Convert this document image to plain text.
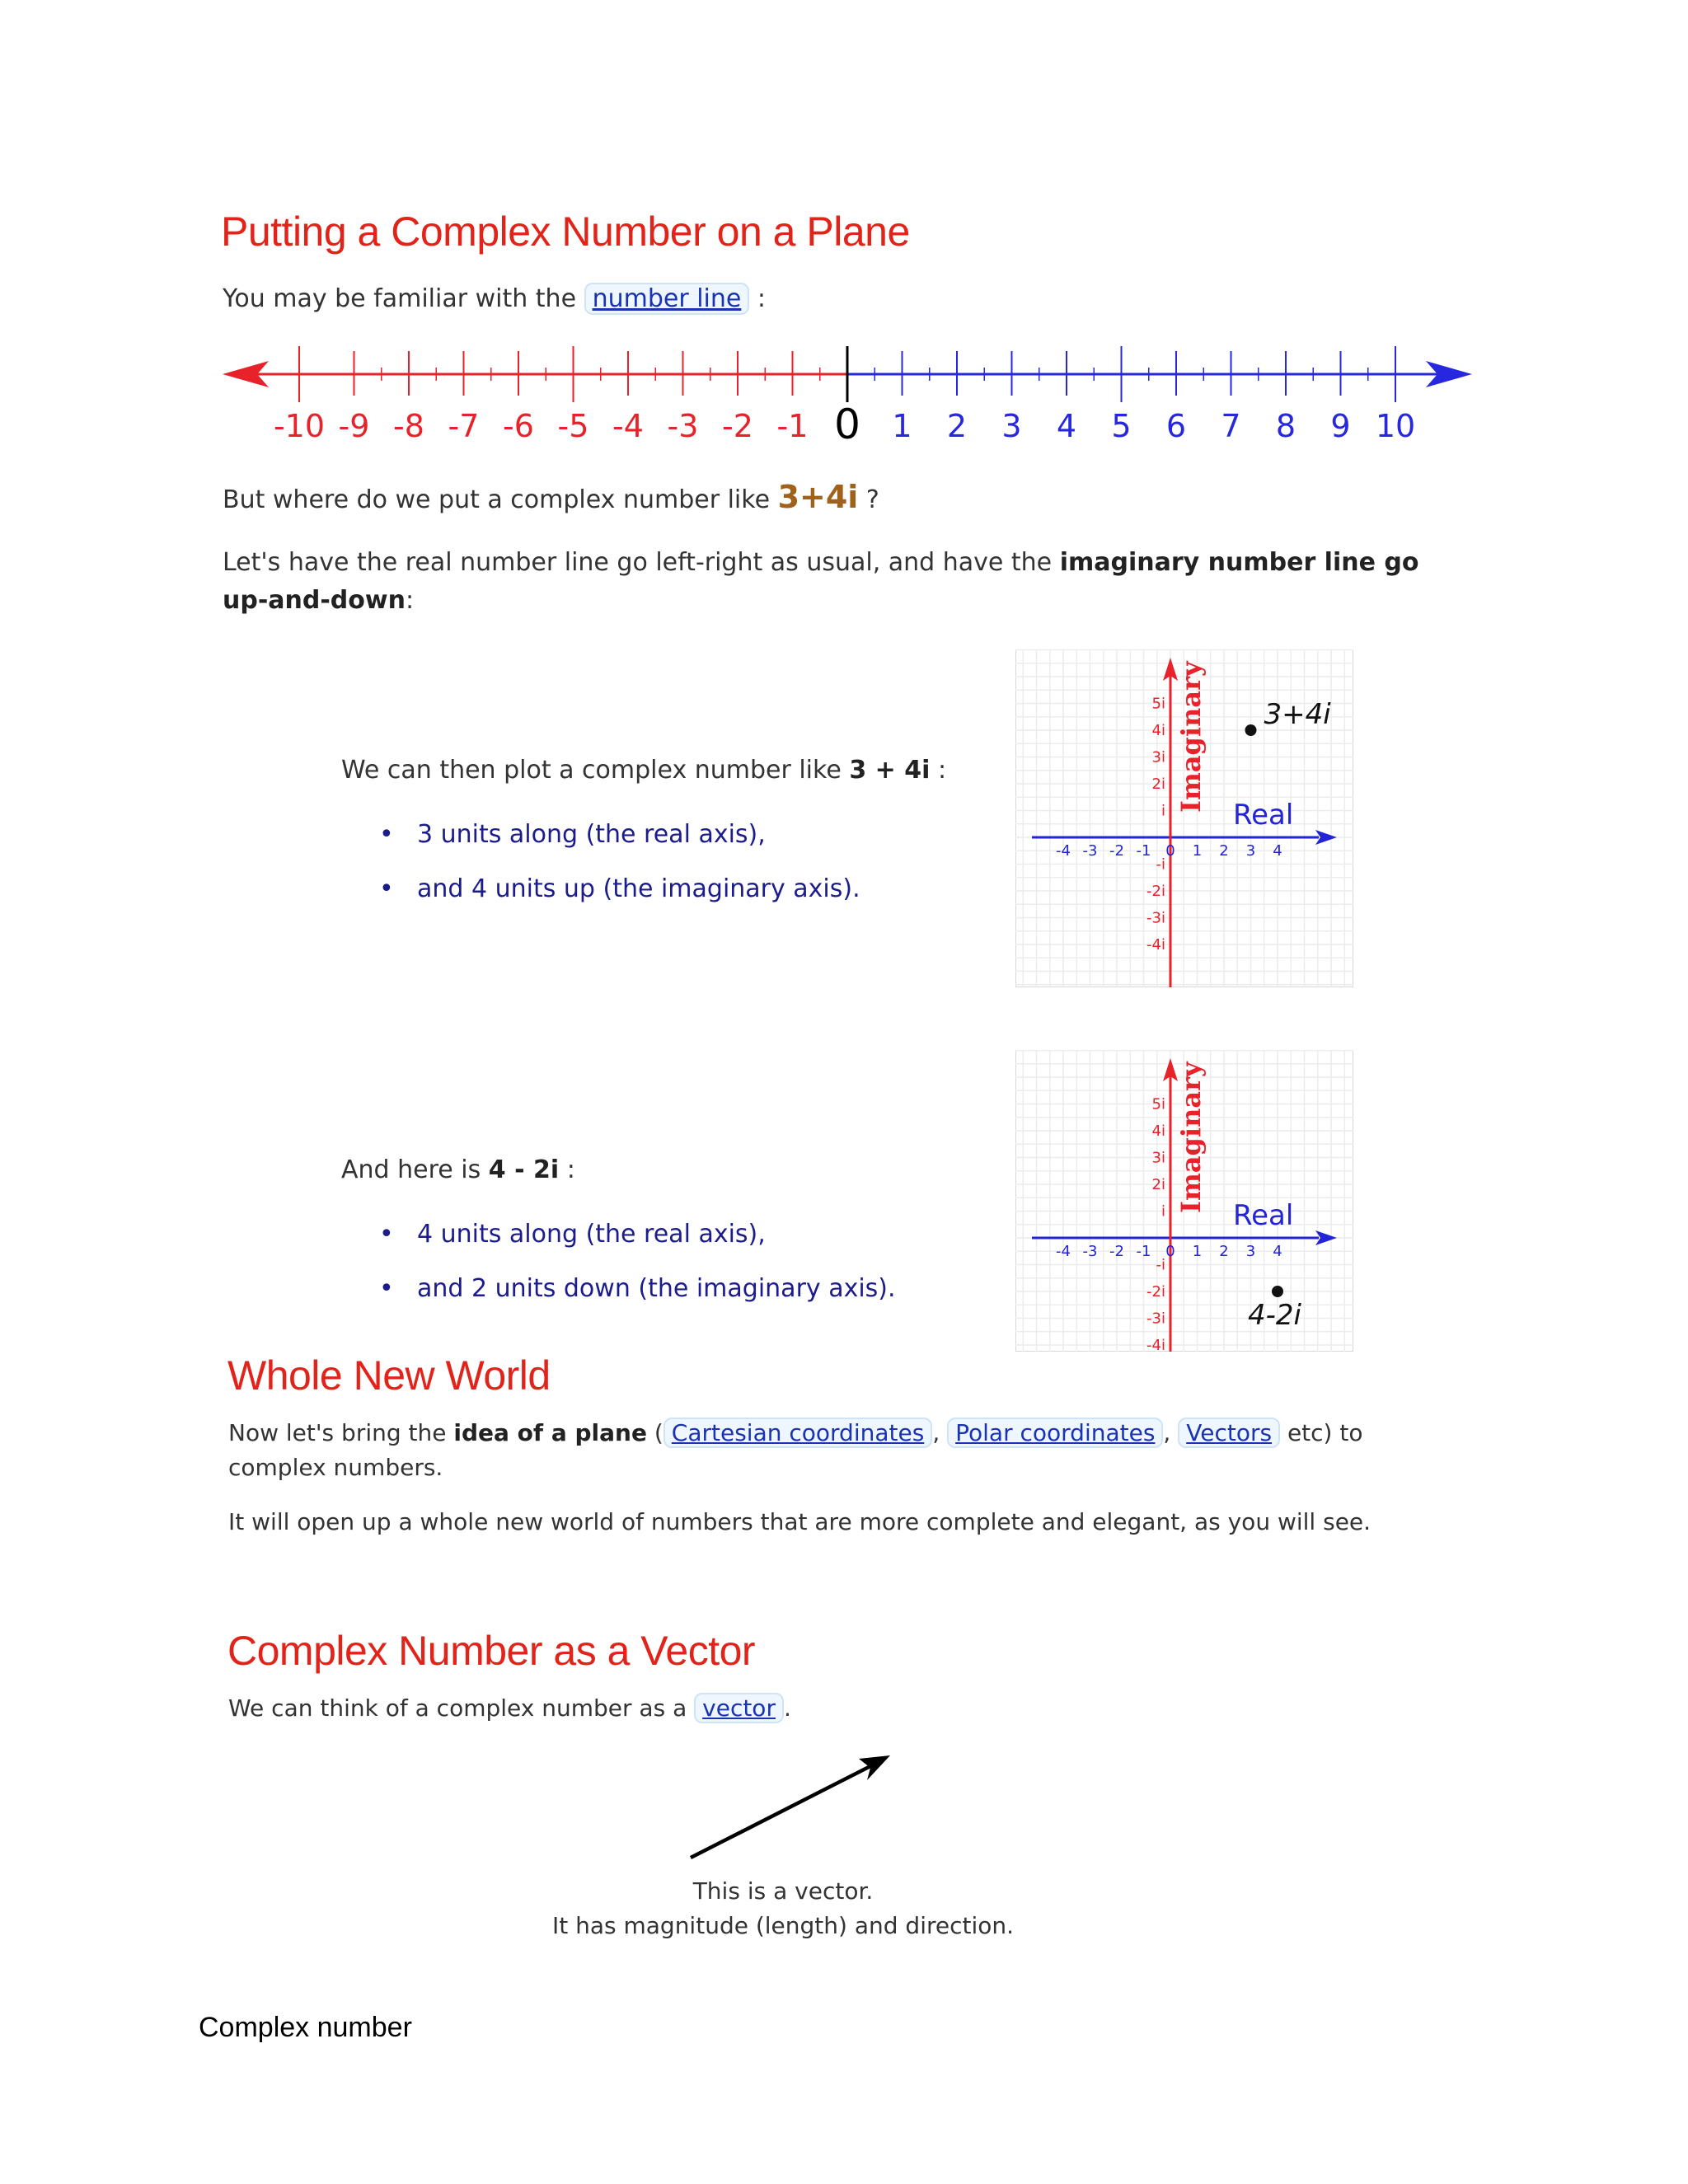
Putting a Complex Number on a Plane
You may be familiar with the number line :
-10 -9 -8 -7 -6 -5 -4 -3 -2 -1 0 1 2 3 4 5 6 7 8 9 10
But where do we put a complex number like 3+4i ?
Let's have the real number line go left-right as usual, and have the imaginary number line go up-and-down:
We can then plot a complex number like 3 + 4i :
• 3 units along (the real axis),
• and 4 units up (the imaginary axis).
-4 -3 -2 -1 0 1 2 3 4
5i
4i
3i
2i
i
-i
-2i
-3i
-4i
Real
Imaginary 3+4i
And here is 4 - 2i :
• 4 units along (the real axis),
• and 2 units down (the imaginary axis).
-4 -3 -2 -1 0 1 2 3 4
5i
4i
3i
2i
i
-i
-2i
-3i
-4i
Real
Imaginary
4-2i
Whole New World
Now let's bring the idea of a plane ( Cartesian coordinates , Polar coordinates , Vectors etc) to
complex numbers.
It will open up a whole new world of numbers that are more complete and elegant, as you will see.
Complex Number as a Vector
We can think of a complex number as a vector .
This is a vector.
It has magnitude (length) and direction.
Complex number
